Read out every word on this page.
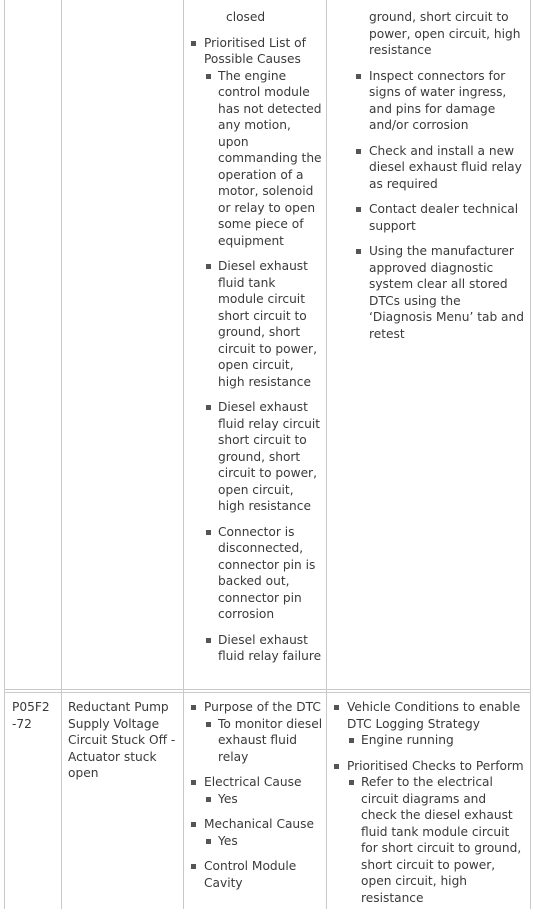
closed
Prioritised List of Possible Causes
The engine control module has not detected any motion, upon commanding the operation of a motor, solenoid or relay to open some piece of equipment
Diesel exhaust fluid tank module circuit short circuit to ground, short circuit to power, open circuit, high resistance
Diesel exhaust fluid relay circuit short circuit to ground, short circuit to power, open circuit, high resistance
Connector is disconnected, connector pin is backed out, connector pin corrosion
Diesel exhaust fluid relay failure
ground, short circuit to power, open circuit, high resistance
Inspect connectors for signs of water ingress, and pins for damage and/or corrosion
Check and install a new diesel exhaust fluid relay as required
Contact dealer technical support
Using the manufacturer approved diagnostic system clear all stored DTCs using the ‘Diagnosis Menu’ tab and retest
P05F2-72
Reductant Pump Supply Voltage Circuit Stuck Off - Actuator stuck open
Purpose of the DTC
To monitor diesel exhaust fluid relay
Electrical Cause
Yes
Mechanical Cause
Yes
Control Module Cavity
Vehicle Conditions to enable DTC Logging Strategy
Engine running
Prioritised Checks to Perform
Refer to the electrical circuit diagrams and check the diesel exhaust fluid tank module circuit for short circuit to ground, short circuit to power, open circuit, high resistance
